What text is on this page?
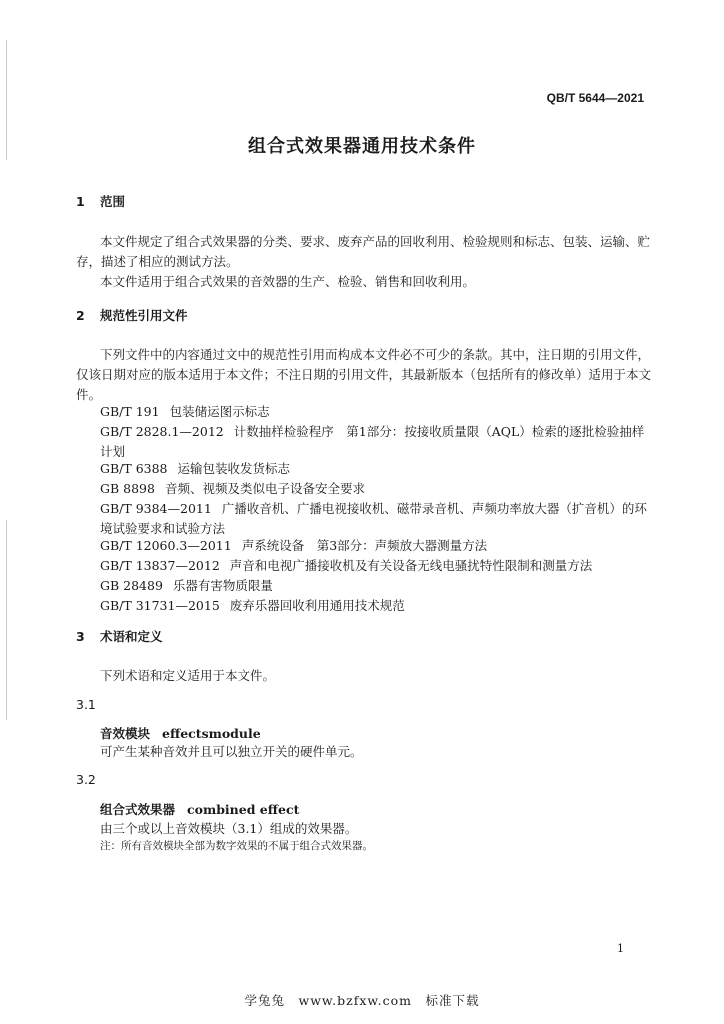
QB/T 5644—2021
组合式效果器通用技术条件
1 范围
本文件规定了组合式效果器的分类、要求、废弃产品的回收利用、检验规则和标志、包装、运输、贮存，描述了相应的测试方法。
本文件适用于组合式效果的音效器的生产、检验、销售和回收利用。
2 规范性引用文件
下列文件中的内容通过文中的规范性引用而构成本文件必不可少的条款。其中，注日期的引用文件，仅该日期对应的版本适用于本文件；不注日期的引用文件，其最新版本（包括所有的修改单）适用于本文件。
GB/T 191 包装储运图示标志
GB/T 2828.1—2012 计数抽样检验程序　第1部分：按接收质量限（AQL）检索的逐批检验抽样计划
GB/T 6388 运输包装收发货标志
GB 8898 音频、视频及类似电子设备安全要求
GB/T 9384—2011 广播收音机、广播电视接收机、磁带录音机、声频功率放大器（扩音机）的环境试验要求和试验方法
GB/T 12060.3—2011 声系统设备　第3部分：声频放大器测量方法
GB/T 13837—2012 声音和电视广播接收机及有关设备无线电骚扰特性限制和测量方法
GB 28489 乐器有害物质限量
GB/T 31731—2015 废弃乐器回收利用通用技术规范
3 术语和定义
下列术语和定义适用于本文件。
3.1
音效模块 effectsmodule
可产生某种音效并且可以独立开关的硬件单元。
3.2
组合式效果器 combined effect
由三个或以上音效模块（3.1）组成的效果器。
注：所有音效模块全部为数字效果的不属于组合式效果器。
1
学兔兔　www.bzfxw.com　标准下载
